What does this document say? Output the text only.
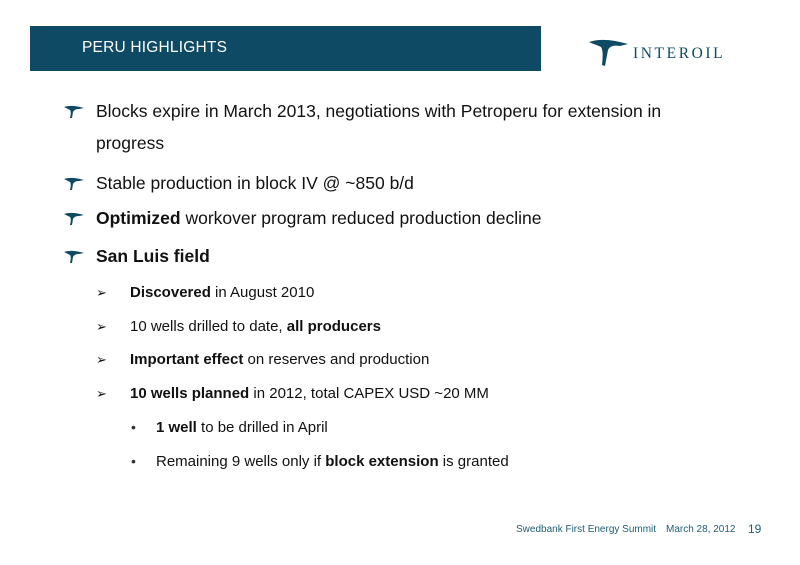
PERU HIGHLIGHTS	INTEROIL
Blocks expire in March 2013, negotiations with Petroperu for extension in
progress
Stable production in block IV @ ~850 b/d
Optimized workover program reduced production decline
San Luis field
➢ Discovered in August 2010
➢ 10 wells drilled to date, all producers
➢ Important effect on reserves and production
➢ 10 wells planned in 2012, total CAPEX USD ~20 MM
• 1 well to be drilled in April
• Remaining 9 wells only if block extension is granted
Swedbank First Energy Summit March 28, 2012 19
